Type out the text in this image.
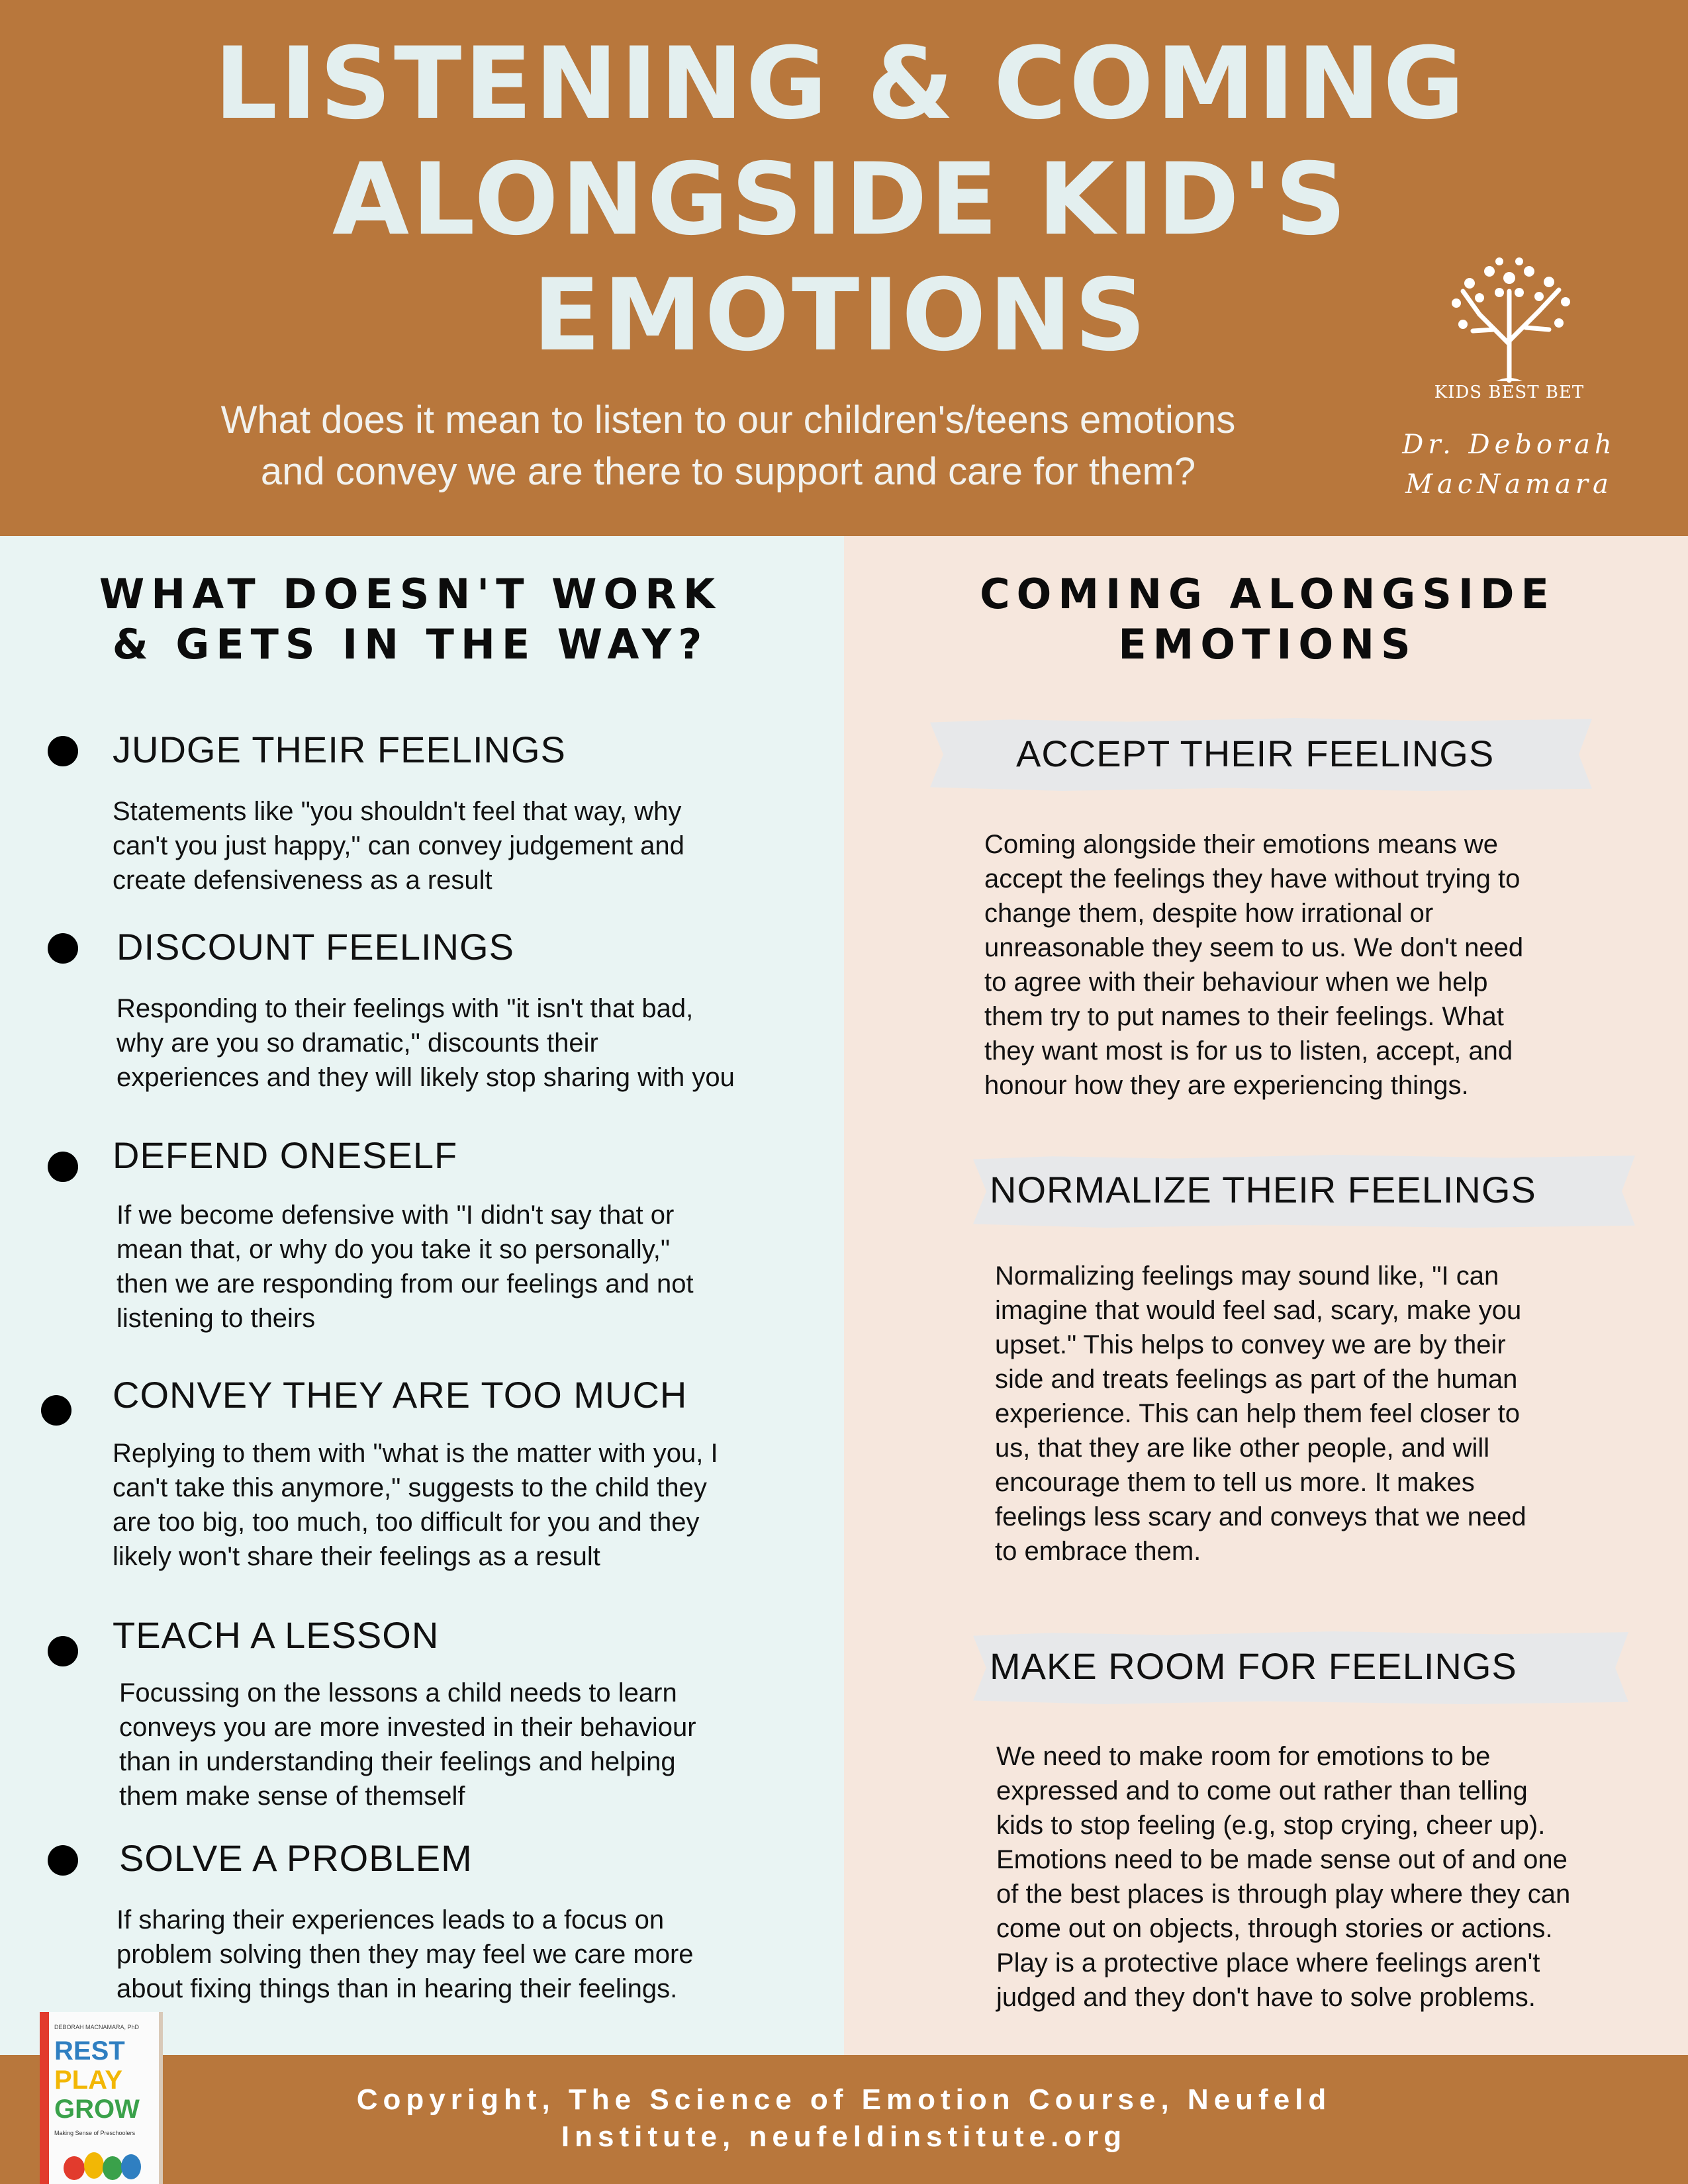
LISTENING & COMING
ALONGSIDE KID'S
EMOTIONS

What does it mean to listen to our children's/teens emotions
and convey we are there to support and care for them?

KIDS BEST BET
Dr. Deborah
MacNamara
WHAT DOESN'T WORK
& GETS IN THE WAY?
JUDGE THEIR FEELINGS

Statements like "you shouldn't feel that way, why
can't you just happy," can convey judgement and
create defensiveness as a result

DISCOUNT FEELINGS

Responding to their feelings with "it isn't that bad,
why are you so dramatic," discounts their
experiences and they will likely stop sharing with you

DEFEND ONESELF

If we become defensive with "I didn't say that or
mean that, or why do you take it so personally,"
then we are responding from our feelings and not
listening to theirs

CONVEY THEY ARE TOO MUCH

Replying to them with "what is the matter with you, I
can't take this anymore," suggests to the child they
are too big, too much, too difficult for you and they
likely won't share their feelings as a result

TEACH A LESSON

Focussing on the lessons a child needs to learn
conveys you are more invested in their behaviour
than in understanding their feelings and helping
them make sense of themself

SOLVE A PROBLEM

If sharing their experiences leads to a focus on
problem solving then they may feel we care more
about fixing things than in hearing their feelings.

COMING ALONGSIDE
EMOTIONS
ACCEPT THEIR FEELINGS

Coming alongside their emotions means we
accept the feelings they have without trying to
change them, despite how irrational or
unreasonable they seem to us. We don't need
to agree with their behaviour when we help
them try to put names to their feelings. What
they want most is for us to listen, accept, and
honour how they are experiencing things.

NORMALIZE THEIR FEELINGS

Normalizing feelings may sound like, "I can
imagine that would feel sad, scary, make you
upset." This helps to convey we are by their
side and treats feelings as part of the human
experience. This can help them feel closer to
us, that they are like other people, and will
encourage them to tell us more. It makes
feelings less scary and conveys that we need
to embrace them.

MAKE ROOM FOR FEELINGS

We need to make room for emotions to be
expressed and to come out rather than telling
kids to stop feeling (e.g, stop crying, cheer up).
Emotions need to be made sense out of and one
of the best places is through play where they can
come out on objects, through stories or actions.
Play is a protective place where feelings aren't
judged and they don't have to solve problems.

Copyright, The Science of Emotion Course, Neufeld
Institute, neufeldinstitute.org

DEBORAH MACNAMARA, PhD
REST
PLAY
GROW
Making Sense of Preschoolers
